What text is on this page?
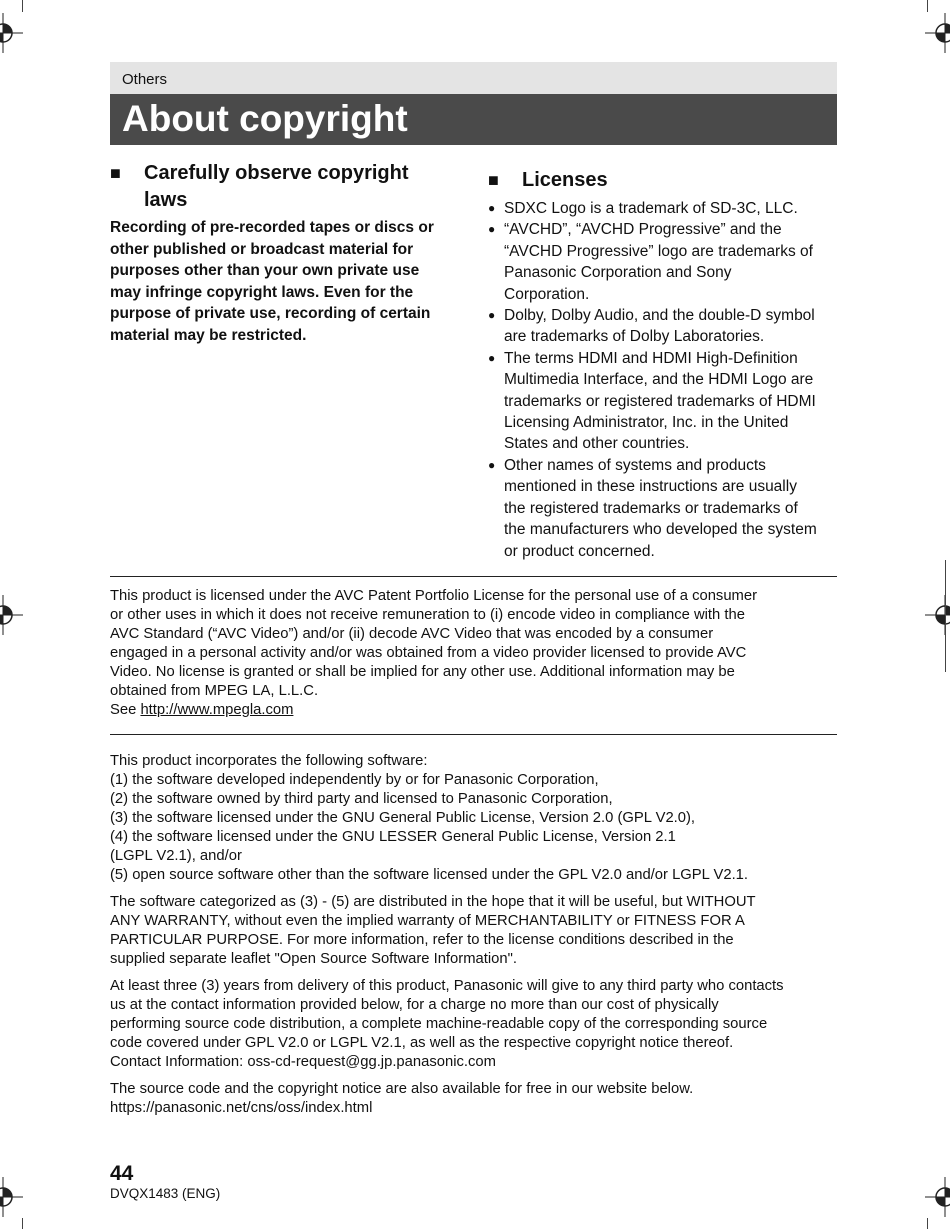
Others
About copyright
■	Carefully observe copyright
laws
Recording of pre-recorded tapes or discs or
other published or broadcast material for
purposes other than your own private use
may infringe copyright laws. Even for the
purpose of private use, recording of certain
material may be restricted.
■	Licenses
● SDXC Logo is a trademark of SD-3C, LLC.
● “AVCHD”, “AVCHD Progressive” and the
“AVCHD Progressive” logo are trademarks of
Panasonic Corporation and Sony
Corporation.
● Dolby, Dolby Audio, and the double-D symbol
are trademarks of Dolby Laboratories.
● The terms HDMI and HDMI High-Definition
Multimedia Interface, and the HDMI Logo are
trademarks or registered trademarks of HDMI
Licensing Administrator, Inc. in the United
States and other countries.
● Other names of systems and products
mentioned in these instructions are usually
the registered trademarks or trademarks of
the manufacturers who developed the system
or product concerned.
This product is licensed under the AVC Patent Portfolio License for the personal use of a consumer
or other uses in which it does not receive remuneration to (i) encode video in compliance with the
AVC Standard (“AVC Video”) and/or (ii) decode AVC Video that was encoded by a consumer
engaged in a personal activity and/or was obtained from a video provider licensed to provide AVC
Video. No license is granted or shall be implied for any other use. Additional information may be
obtained from MPEG LA, L.L.C.
See http://www.mpegla.com

This product incorporates the following software:
(1) the software developed independently by or for Panasonic Corporation,
(2) the software owned by third party and licensed to Panasonic Corporation,
(3) the software licensed under the GNU General Public License, Version 2.0 (GPL V2.0),
(4) the software licensed under the GNU LESSER General Public License, Version 2.1
(LGPL V2.1), and/or
(5) open source software other than the software licensed under the GPL V2.0 and/or LGPL V2.1.

The software categorized as (3) - (5) are distributed in the hope that it will be useful, but WITHOUT
ANY WARRANTY, without even the implied warranty of MERCHANTABILITY or FITNESS FOR A
PARTICULAR PURPOSE. For more information, refer to the license conditions described in the
supplied separate leaflet "Open Source Software Information".

At least three (3) years from delivery of this product, Panasonic will give to any third party who contacts
us at the contact information provided below, for a charge no more than our cost of physically
performing source code distribution, a complete machine-readable copy of the corresponding source
code covered under GPL V2.0 or LGPL V2.1, as well as the respective copyright notice thereof.
Contact Information: oss-cd-request@gg.jp.panasonic.com

The source code and the copyright notice are also available for free in our website below.
https://panasonic.net/cns/oss/index.html

44
DVQX1483 (ENG)
